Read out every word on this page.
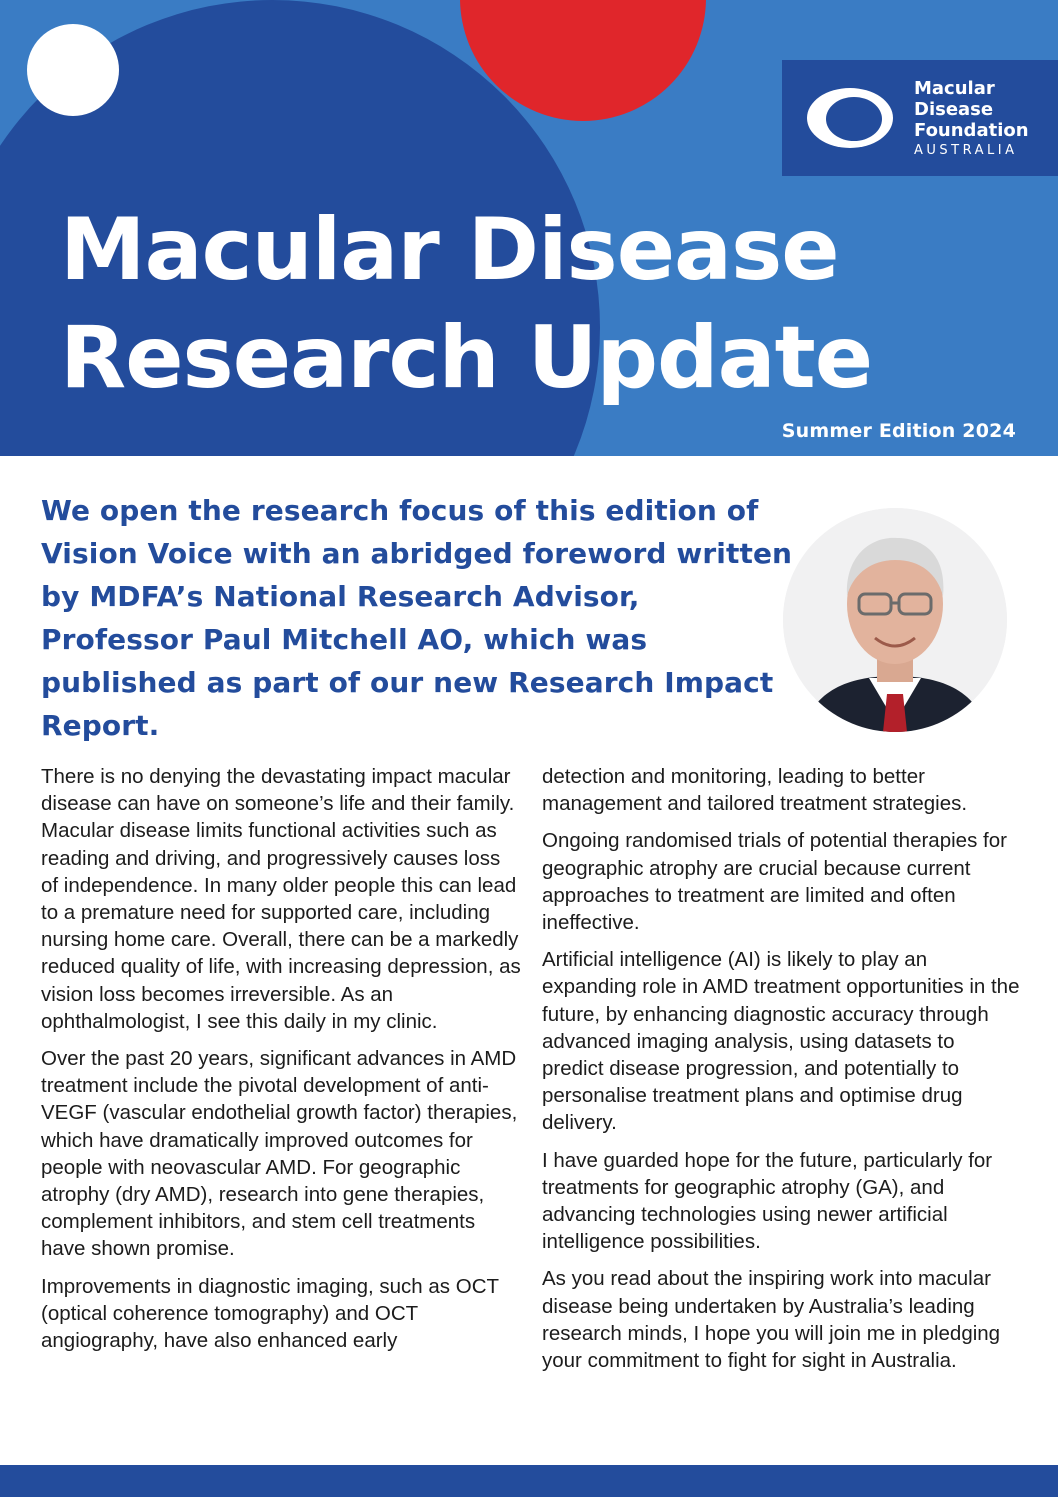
Macular
Disease
Foundation
AUSTRALIA
Macular Disease
Research Update
Summer Edition 2024

We open the research focus of this edition of Vision Voice with an abridged foreword written by MDFA’s National Research Advisor, Professor Paul Mitchell AO, which was published as part of our new Research Impact Report.

There is no denying the devastating impact macular disease can have on someone’s life and their family. Macular disease limits functional activities such as reading and driving, and progressively causes loss of independence. In many older people this can lead to a premature need for supported care, including nursing home care. Overall, there can be a markedly reduced quality of life, with increasing depression, as vision loss becomes irreversible. As an ophthalmologist, I see this daily in my clinic.

Over the past 20 years, significant advances in AMD treatment include the pivotal development of anti-VEGF (vascular endothelial growth factor) therapies, which have dramatically improved outcomes for people with neovascular AMD. For geographic atrophy (dry AMD), research into gene therapies, complement inhibitors, and stem cell treatments have shown promise.

Improvements in diagnostic imaging, such as OCT (optical coherence tomography) and OCT angiography, have also enhanced early

detection and monitoring, leading to better management and tailored treatment strategies.

Ongoing randomised trials of potential therapies for geographic atrophy are crucial because current approaches to treatment are limited and often ineffective.

Artificial intelligence (AI) is likely to play an expanding role in AMD treatment opportunities in the future, by enhancing diagnostic accuracy through advanced imaging analysis, using datasets to predict disease progression, and potentially to personalise treatment plans and optimise drug delivery.

I have guarded hope for the future, particularly for treatments for geographic atrophy (GA), and advancing technologies using newer artificial intelligence possibilities.

As you read about the inspiring work into macular disease being undertaken by Australia’s leading research minds, I hope you will join me in pledging your commitment to fight for sight in Australia.
